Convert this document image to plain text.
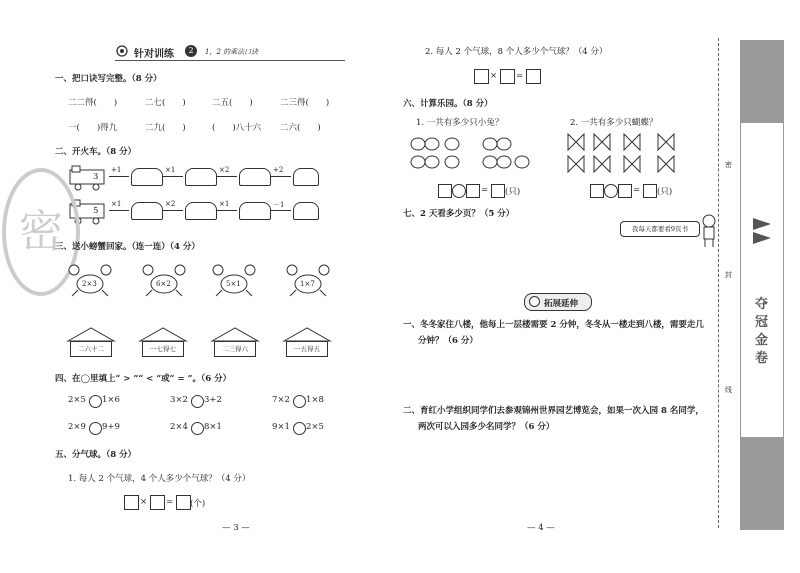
针对训练	2	1，2 的乘法口诀
一、把口诀写完整。（8 分）
二二得(　　)	二七(　　)	二五(　　)	二三得(　　)
一(　　)得九	二九(　　)	(　　)八十六 二六(　　)
二、开火车。（8 分）
3
+1	×1	×2	+2
5
×1	×2	×1	－1
密
三、送小螃蟹回家。（连一连）（4 分）
2×3	6×2	5×1	1×7
二六十二	一七得七	二三得六	一五得五
四、在◯里填上“ > ”“ < ”或“ = ”。（6 分）
2×5 1×6	3×2 3+2	7×2 1×8
2×9 9+9	2×4 8×1	9×1 2×5
五、分气球。（8 分）
1. 每人 2 个气球，4 个人多少个气球？（4 分）
× = (个)
— 3 —
2. 每人 2 个气球，8 个人多少个气球？（4 分）
× =
六、计算乐园。（8 分）
1. 一共有多少只小兔？	2. 一共有多少只蝴蝶？
= (只)	= (只)
七、2 天看多少页？（5 分）
我每天都要看9页书
拓展延伸
一、冬冬家住八楼，他每上一层楼需要 2 分钟，冬冬从一楼走到八楼，需要走几
分钟？（6 分）
二、育红小学组织同学们去参观锦州世界园艺博览会，如果一次入园 8 名同学，
两次可以入园多少名同学？（6 分）
— 4 —
夺冠金卷
密
封
线
